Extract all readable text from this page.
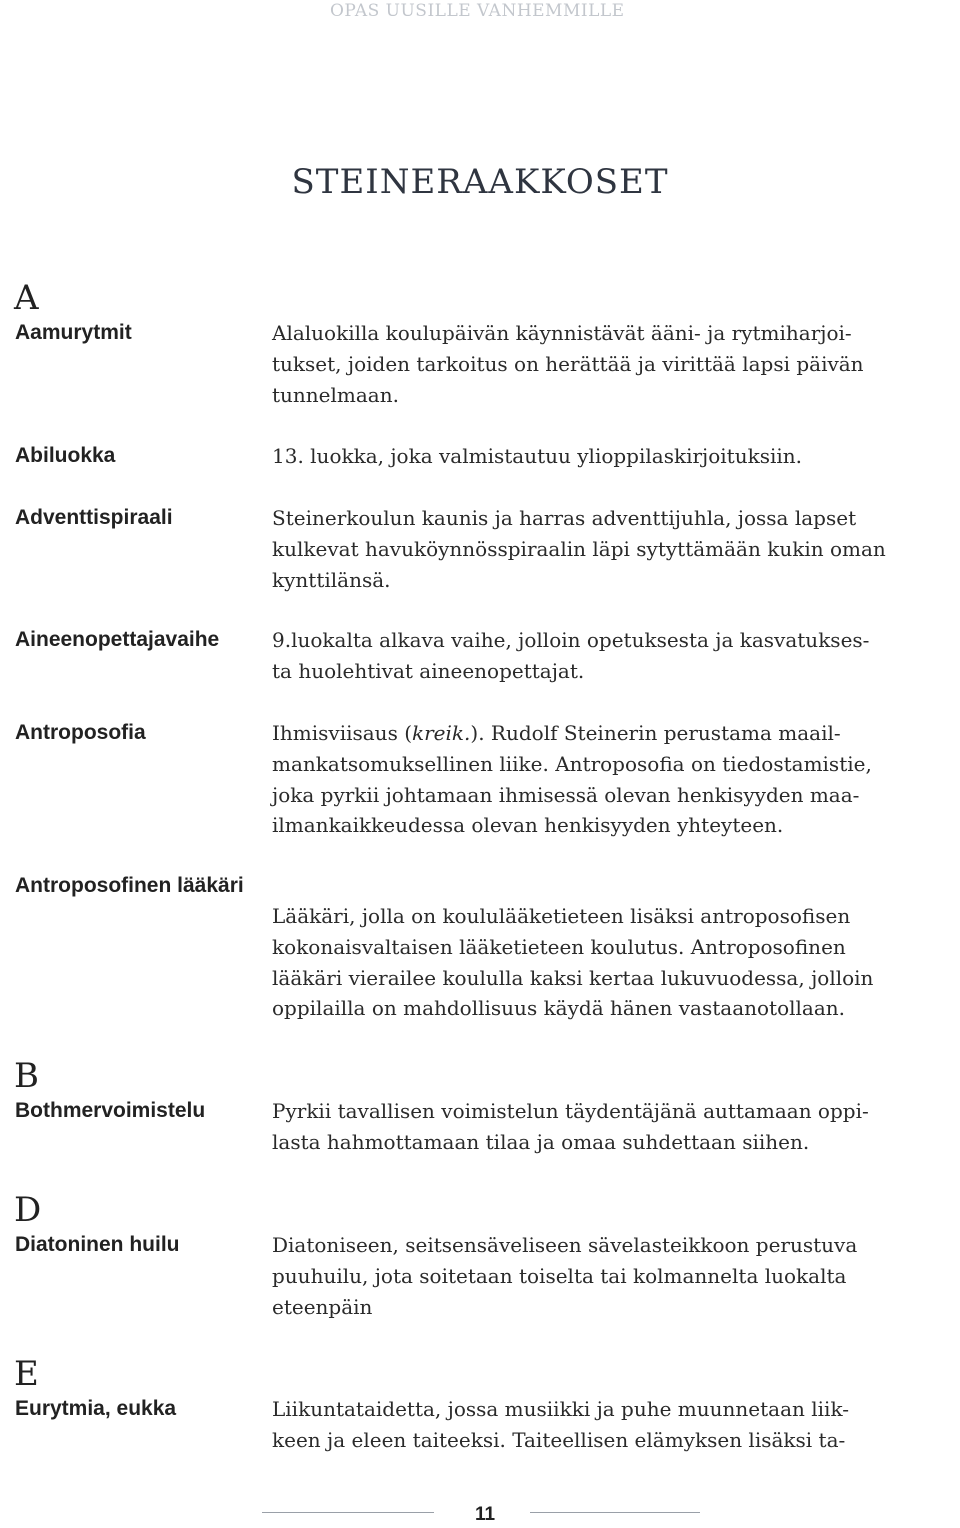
OPAS UUSILLE VANHEMMILLE
STEINERAAKKOSET
A
Aamurytmit	Alaluokilla koulupäivän käynnistävät ääni- ja rytmiharjoi-
tukset, joiden tarkoitus on herättää ja virittää lapsi päivän
tunnelmaan.
Abiluokka	13. luokka, joka valmistautuu ylioppilaskirjoituksiin.
Adventtispiraali	Steinerkoulun kaunis ja harras adventtijuhla, jossa lapset
kulkevat havuköynnösspiraalin läpi sytyttämään kukin oman
kynttilänsä.
Aineenopettajavaihe	9.luokalta alkava vaihe, jolloin opetuksesta ja kasvatukses-
ta huolehtivat aineenopettajat.
Antroposofia	Ihmisviisaus (kreik.). Rudolf Steinerin perustama maail-
mankatsomuksellinen liike. Antroposofia on tiedostamistie,
joka pyrkii johtamaan ihmisessä olevan henkisyyden maa-
ilmankaikkeudessa olevan henkisyyden yhteyteen.
Antroposofinen lääkäri
Lääkäri, jolla on koululääketieteen lisäksi antroposofisen
kokonaisvaltaisen lääketieteen koulutus. Antroposofinen
lääkäri vierailee koululla kaksi kertaa lukuvuodessa, jolloin
oppilailla on mahdollisuus käydä hänen vastaanotollaan.
B
Bothmervoimistelu	Pyrkii tavallisen voimistelun täydentäjänä auttamaan oppi-
lasta hahmottamaan tilaa ja omaa suhdettaan siihen.
D
Diatoninen huilu	Diatoniseen, seitsensäveliseen sävelasteikkoon perustuva
puuhuilu, jota soitetaan toiselta tai kolmannelta luokalta
eteenpäin
E
Eurytmia, eukka	Liikuntataidetta, jossa musiikki ja puhe muunnetaan liik-
keen ja eleen taiteeksi. Taiteellisen elämyksen lisäksi ta-
11
